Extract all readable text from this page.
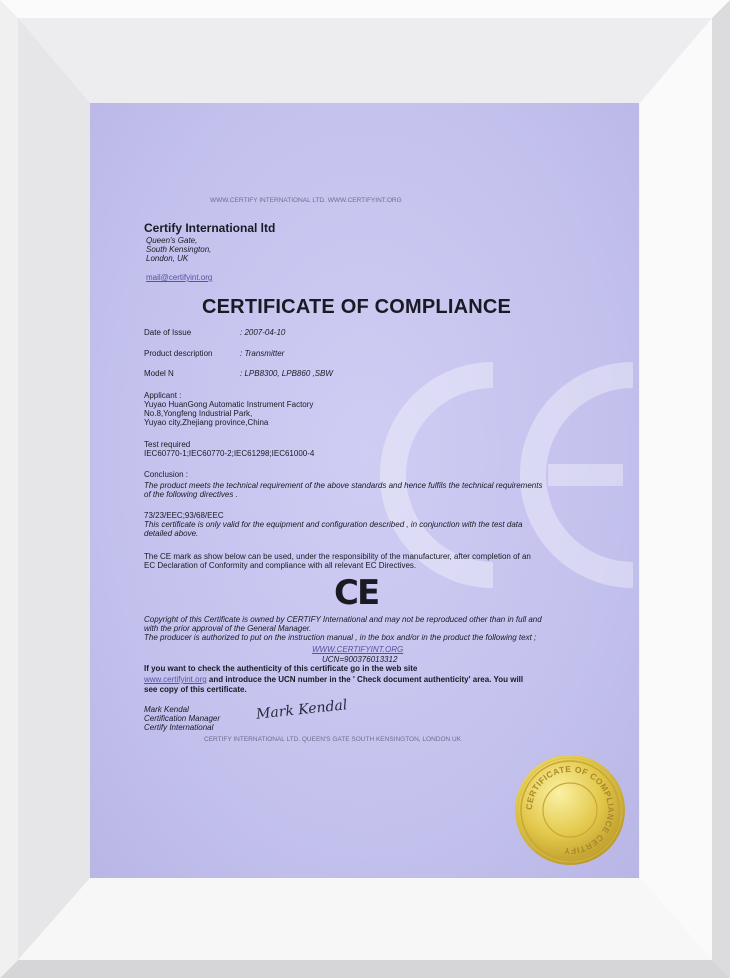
WWW.CERTIFY INTERNATIONAL LTD. WWW.CERTIFYINT.ORG
Certify International ltd
Queen's Gate,
South Kensington,
London, UK
mail@certifyint.org
CERTIFICATE OF COMPLIANCE
Date of Issue	: 2007-04-10
Product description	: Transmitter
Model N	: LPB8300, LPB860 ,SBW
Applicant :
Yuyao HuanGong Automatic Instrument Factory
No.8,Yongfeng Industrial Park,
Yuyao city,Zhejiang province,China
Test required
IEC60770-1;IEC60770-2;IEC61298;IEC61000-4
Conclusion :
The product meets the technical requirement of the above standards and hence fulfils the technical requirements
of the following directives .
73/23/EEC;93/68/EEC
This certificate is only valid for the equipment and configuration described , in conjunction with the test data
detailed above.
The CE mark as show below can be used, under the responsibility of the manufacturer, after completion of an
EC Declaration of Conformity and compliance with all relevant EC Directives.
CE
Copyright of this Certificate is owned by CERTIFY International and may not be reproduced other than in full and
with the prior approval of the General Manager.
The producer is authorized to put on the instruction manual , in the box and/or in the product the following text ;
WWW.CERTIFYINT.ORG
UCN=900376013312
If you want to check the authenticity of this certificate go in the web site
www.certifyint.org and introduce the UCN number in the ' Check document authenticity' area. You will
see copy of this certificate.
Mark Kendal
Certification Manager
Certify International
Mark Kendal
CERTIFY INTERNATIONAL LTD. QUEEN'S GATE SOUTH KENSINGTON, LONDON UK
CERTIFICATE OF COMPLIANCE CERTIFY
